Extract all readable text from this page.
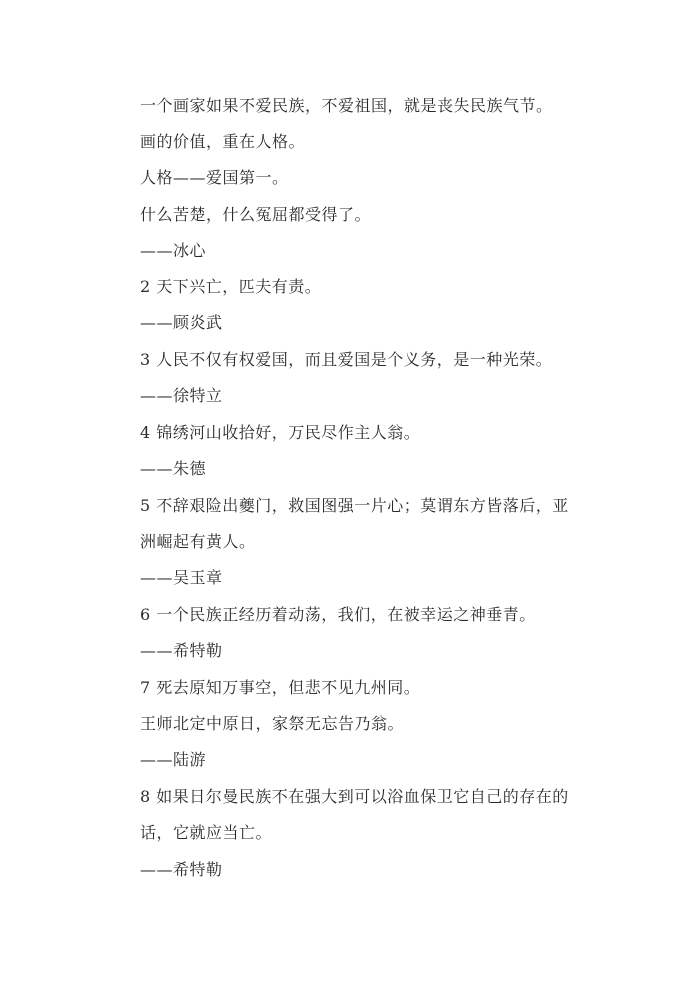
一个画家如果不爱民族，不爱祖国，就是丧失民族气节。
画的价值，重在人格。
人格——爱国第一。
什么苦楚，什么冤屈都受得了。
——冰心
2 天下兴亡，匹夫有责。
——顾炎武
3 人民不仅有权爱国，而且爱国是个义务，是一种光荣。
——徐特立
4 锦绣河山收拾好，万民尽作主人翁。
——朱德
5 不辞艰险出夔门，救国图强一片心；莫谓东方皆落后，亚洲崛起有黄人。
——吴玉章
6 一个民族正经历着动荡，我们，在被幸运之神垂青。
——希特勒
7 死去原知万事空，但悲不见九州同。
王师北定中原日，家祭无忘告乃翁。
——陆游
8 如果日尔曼民族不在强大到可以浴血保卫它自己的存在的话，它就应当亡。
——希特勒
